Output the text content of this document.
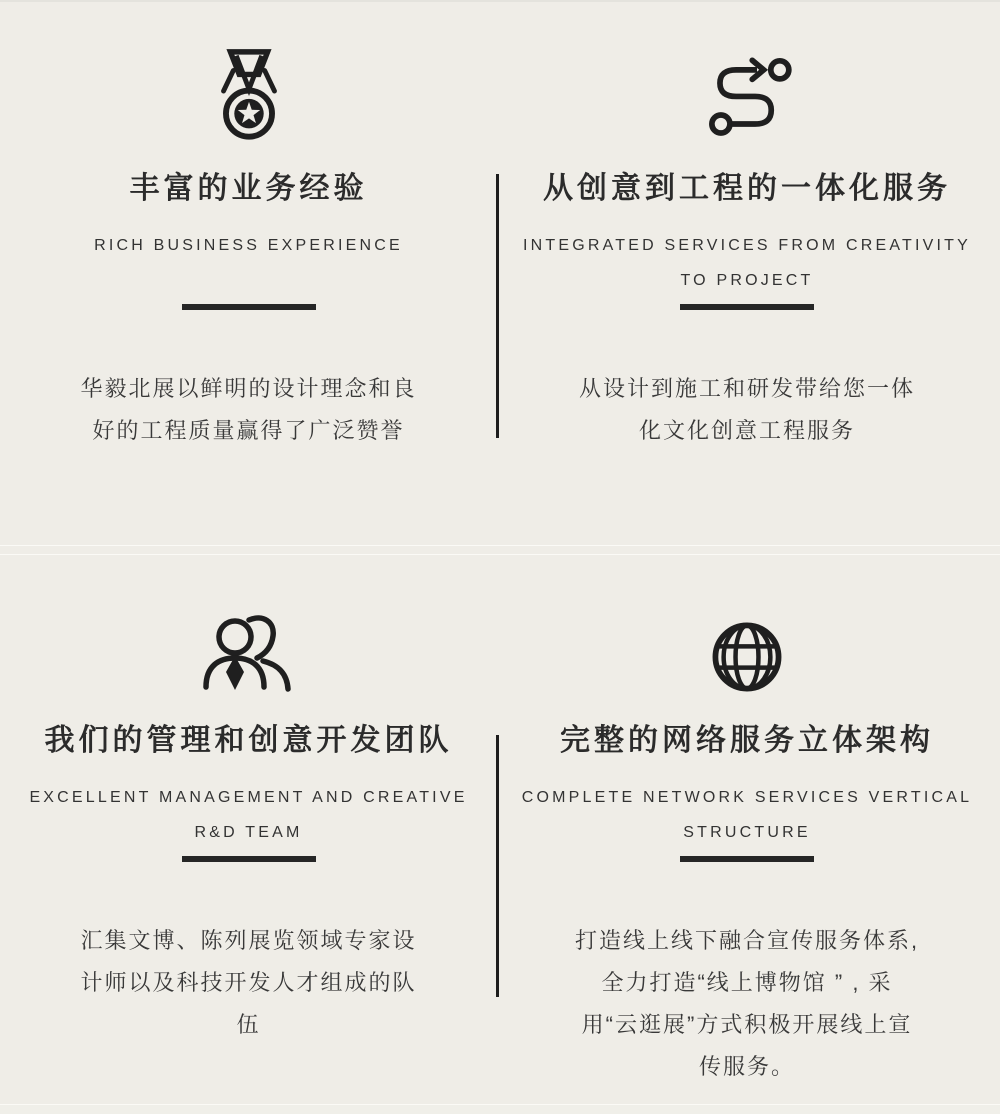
丰富的业务经验
RICH BUSINESS EXPERIENCE

华毅北展以鲜明的设计理念和良
好的工程质量赢得了广泛赞誉

从创意到工程的一体化服务
INTEGRATED SERVICES FROM CREATIVITY
TO PROJECT

从设计到施工和研发带给您一体
化文化创意工程服务

我们的管理和创意开发团队
EXCELLENT MANAGEMENT AND CREATIVE
R&D TEAM

汇集文博、陈列展览领域专家设
计师以及科技开发人才组成的队
伍

完整的网络服务立体架构
COMPLETE NETWORK SERVICES VERTICAL
STRUCTURE

打造线上线下融合宣传服务体系,
全力打造“线上博物馆 ” , 采
用“云逛展”方式积极开展线上宣
传服务。
